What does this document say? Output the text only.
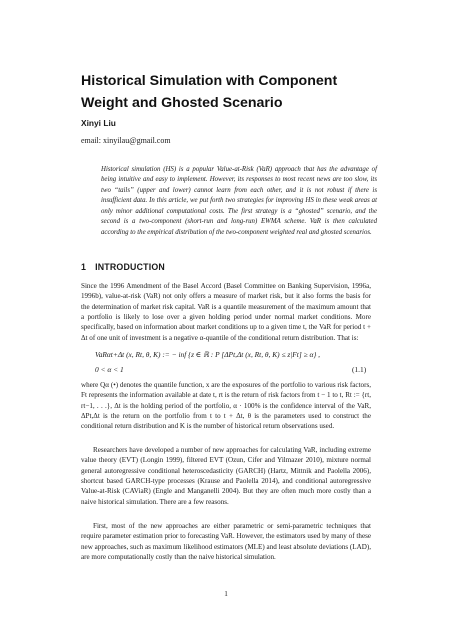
Historical Simulation with Component Weight and Ghosted Scenario
Xinyi Liu
email: xinyilau@gmail.com
Historical simulation (HS) is a popular Value-at-Risk (VaR) approach that has the advantage of being intuitive and easy to implement. However, its responses to most recent news are too slow, its two “tails” (upper and lower) cannot learn from each other, and it is not robust if there is insufficient data. In this article, we put forth two strategies for improving HS in these weak areas at only minor additional computational costs. The first strategy is a “ghosted” scenario, and the second is a two-component (short-run and long-run) EWMA scheme. VaR is then calculated according to the empirical distribution of the two-component weighted real and ghosted scenarios.
1 INTRODUCTION

Since the 1996 Amendment of the Basel Accord (Basel Committee on Banking Supervision, 1996a, 1996b), value-at-risk (VaR) not only offers a measure of market risk, but it also forms the basis for the determination of market risk capital. VaR is a quantile measurement of the maximum amount that a portfolio is likely to lose over a given holding period under normal market conditions. More specifically, based on information about market conditions up to a given time t, the VaR for period t + Δt of one unit of investment is a negative α-quantile of the conditional return distribution. That is:

VaRαt+Δt (x, Rt, θ, K) := − inf {z ∈ ℝ : P [ΔPt,Δt (x, Rt, θ, K) ≤ z|Ft] ≥ α} ,
0 < α < 1	(1.1)

where Qα (•) denotes the quantile function, x are the exposures of the portfolio to various risk factors, Ft represents the information available at date t, rt is the return of risk factors from t − 1 to t, Rt := {rt, rt−1, . . .}, Δt is the holding period of the portfolio, α · 100% is the confidence interval of the VaR, ΔPt,Δt is the return on the portfolio from t to t + Δt, θ is the parameters used to construct the conditional return distribution and K is the number of historical return observations used.

Researchers have developed a number of new approaches for calculating VaR, including extreme value theory (EVT) (Longin 1999), filtered EVT (Ozun, Cifer and Yilmazer 2010), mixture normal general autoregressive conditional heteroscedasticity (GARCH) (Hartz, Mittnik and Paolella 2006), shortcut based GARCH-type processes (Krause and Paolella 2014), and conditional autoregressive Value-at-Risk (CAViaR) (Engle and Manganelli 2004). But they are often much more costly than a naive historical simulation. There are a few reasons.

First, most of the new approaches are either parametric or semi-parametric techniques that require parameter estimation prior to forecasting VaR. However, the estimators used by many of these new approaches, such as maximum likelihood estimators (MLE) and least absolute deviations (LAD), are more computationally costly than the naive historical simulation.

1
